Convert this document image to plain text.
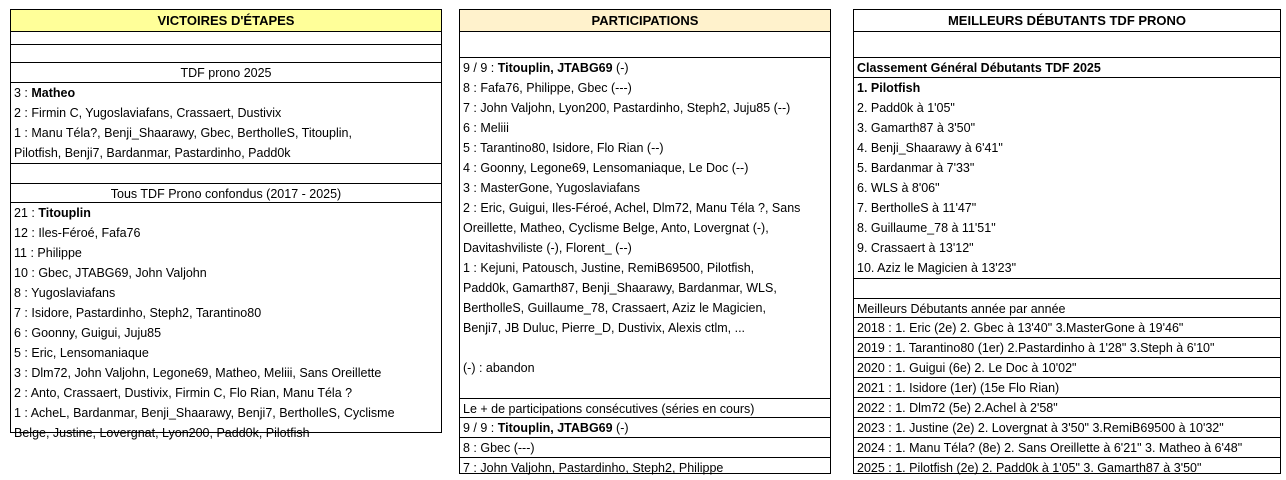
VICTOIRES D'ÉTAPES
TDF prono 2025
3 : Matheo
2 : Firmin C, Yugoslaviafans, Crassaert, Dustivix
1 : Manu Téla?, Benji_Shaarawy, Gbec, BertholleS, Titouplin,
Pilotfish, Benji7, Bardanmar, Pastardinho, Padd0k
Tous TDF Prono confondus (2017 - 2025)
21 : Titouplin
12 : Iles-Féroé, Fafa76
11 : Philippe
10 : Gbec, JTABG69, John Valjohn
8 : Yugoslaviafans
7 : Isidore, Pastardinho, Steph2, Tarantino80
6 : Goonny, Guigui, Juju85
5 : Eric, Lensomaniaque
3 : Dlm72, John Valjohn, Legone69, Matheo, Meliii, Sans Oreillette
2 : Anto, Crassaert, Dustivix, Firmin C, Flo Rian, Manu Téla ?
1 : AcheL, Bardanmar, Benji_Shaarawy, Benji7, BertholleS, Cyclisme
Belge, Justine, Lovergnat, Lyon200, Padd0k, Pilotfish
PARTICIPATIONS
9 / 9 : Titouplin, JTABG69 (-)
8 : Fafa76, Philippe, Gbec (---)
7 : John Valjohn, Lyon200, Pastardinho, Steph2, Juju85 (--)
6 : Meliii
5 : Tarantino80, Isidore, Flo Rian (--)
4 : Goonny, Legone69, Lensomaniaque, Le Doc (--)
3 : MasterGone, Yugoslaviafans
2 : Eric, Guigui, Iles-Féroé, Achel, Dlm72, Manu Téla ?, Sans
Oreillette, Matheo, Cyclisme Belge, Anto, Lovergnat (-),
Davitashviliste (-), Florent_ (--)
1 : Kejuni, Patousch, Justine, RemiB69500, Pilotfish,
Padd0k, Gamarth87, Benji_Shaarawy, Bardanmar, WLS,
BertholleS, Guillaume_78, Crassaert, Aziz le Magicien,
Benji7, JB Duluc, Pierre_D, Dustivix, Alexis ctlm, ...
(-) : abandon
Le + de participations consécutives (séries en cours)
9 / 9 : Titouplin, JTABG69 (-)
8 : Gbec (---)
7 : John Valjohn, Pastardinho, Steph2, Philippe
MEILLEURS DÉBUTANTS TDF PRONO
Classement Général Débutants TDF 2025
1. Pilotfish
2. Padd0k à 1'05"
3. Gamarth87 à 3'50"
4. Benji_Shaarawy à 6'41"
5. Bardanmar à 7'33"
6. WLS à 8'06"
7. BertholleS à 11'47"
8. Guillaume_78 à 11'51"
9. Crassaert à 13'12"
10. Aziz le Magicien à 13'23"
Meilleurs Débutants année par année
2018 : 1. Eric (2e) 2. Gbec à 13'40" 3.MasterGone à 19'46"
2019 : 1. Tarantino80 (1er) 2.Pastardinho à 1'28" 3.Steph à 6'10"
2020 : 1. Guigui (6e) 2. Le Doc à 10'02"
2021 : 1. Isidore (1er) (15e Flo Rian)
2022 : 1. Dlm72 (5e) 2.Achel à 2'58"
2023 : 1. Justine (2e) 2. Lovergnat à 3'50" 3.RemiB69500 à 10'32"
2024 : 1. Manu Téla? (8e) 2. Sans Oreillette à 6'21" 3. Matheo à 6'48"
2025 : 1. Pilotfish (2e) 2. Padd0k à 1'05" 3. Gamarth87 à 3'50"
